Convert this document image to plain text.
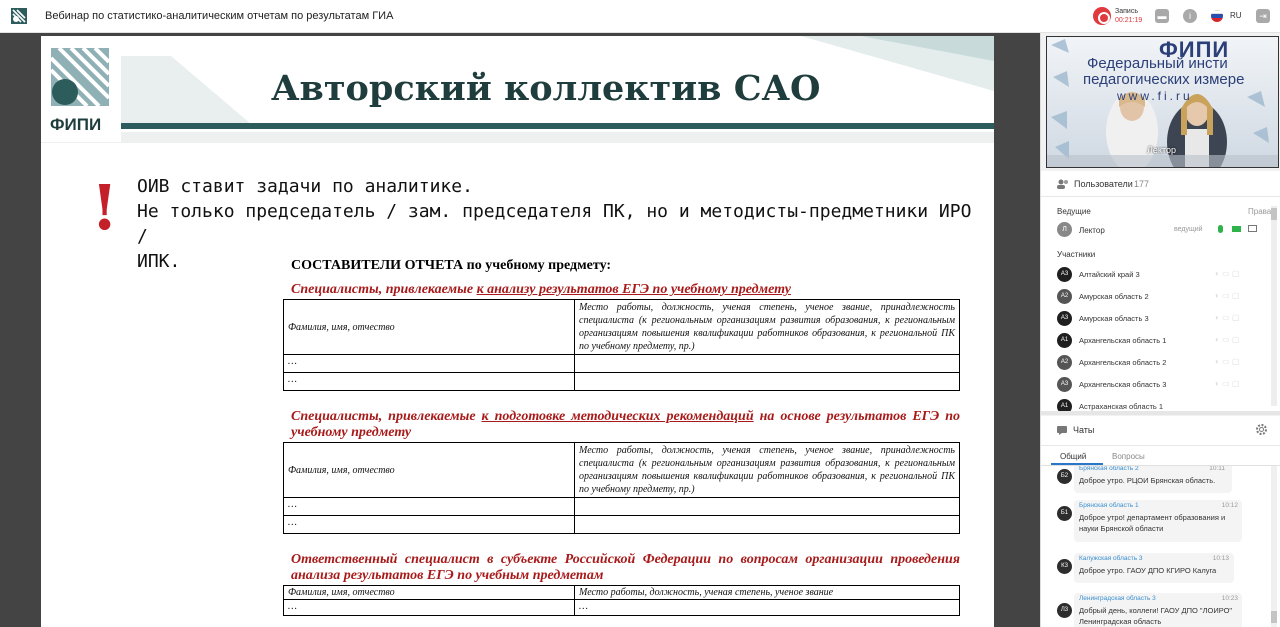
Вебинар по статистико-аналитическим отчетам по результатам ГИА	Запись
00:21:19 ▬	i	RU	⇥
ФИПИ
Авторский коллектив САО
! ОИВ ставит задачи по аналитике.
Не только председатель / зам. председателя ПК, но и методисты-предметники ИРО /
ИПК.	СОСТАВИТЕЛИ ОТЧЕТА по учебному предмету:
Специалисты, привлекаемые к анализу результатов ЕГЭ по учебному предмету
Фамилия, имя, отчество	Место работы, должность, ученая степень, ученое звание, принадлежность специалиста (к региональным организациям развития образования, к региональным организациям повышения квалификации работников образования, к региональной ПК по учебному предмету, пр.)
…	
…	
Специалисты, привлекаемые к подготовке методических рекомендаций на основе результатов ЕГЭ по учебному предмету
Фамилия, имя, отчество	Место работы, должность, ученая степень, ученое звание, принадлежность специалиста (к региональным организациям развития образования, к региональным организациям повышения квалификации работников образования, к региональной ПК по учебному предмету, пр.)
…	
…	
Ответственный специалист в субъекте Российской Федерации по вопросам организации проведения анализа результатов ЕГЭ по учебным предметам
Фамилия, имя, отчество	Место работы, должность, ученая степень, ученое звание
…	…
ФИПИ
Федеральный инсти
педагогических измере
www.fi.ru
Лектор
Пользователи 177
Ведущие	Права
Л	Лектор	ведущий
Участники
А3	Алтайский край 3	◐ ▭ ▢
А2	Амурская область 2	◐ ▭ ▢
А3	Амурская область 3	◐ ▭ ▢
А1	Архангельская область 1	◐ ▭ ▢
А2	Архангельская область 2	◐ ▭ ▢
А3	Архангельская область 3	◐ ▭ ▢
А1	Астраханская область 1
Чаты
Общий	Вопросы
Б2
Брянская область 2	10:11
Доброе утро. РЦОИ Брянская область.
Б1
Брянская область 1	10:12
Доброе утро! департамент образования и науки Брянской области
К3
Калужская область 3	10:13
Доброе утро. ГАОУ ДПО КГИРО Калуга
Л3
Ленинградская область 3	10:23
Добрый день, коллеги! ГАОУ ДПО "ЛОИРО" Ленинградская область
